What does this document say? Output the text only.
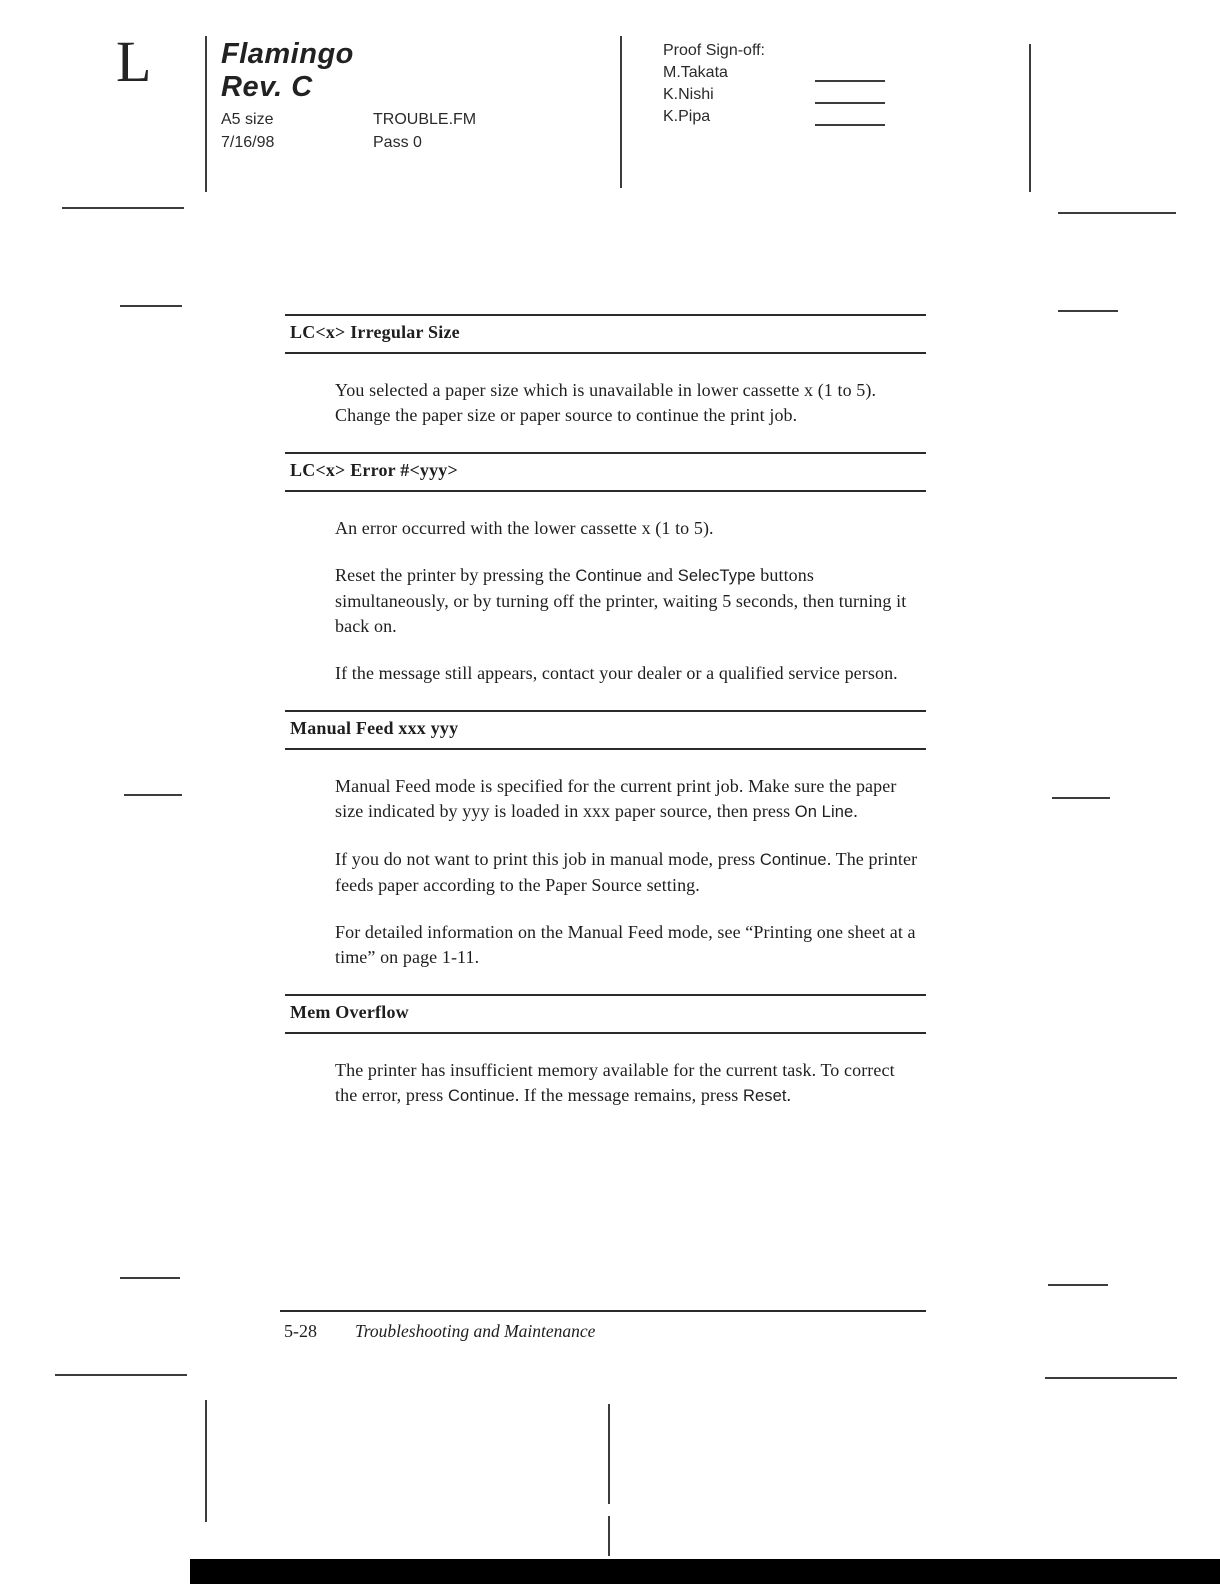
L Flamingo
Rev. C
A5 size
7/16/98
TROUBLE.FM
Pass 0
Proof Sign-off:
M.Takata
K.Nishi
K.Pipa
LC<x> Irregular Size

You selected a paper size which is unavailable in lower cassette x (1 to 5). Change the paper size or paper source to continue the print job.

LC<x> Error #<yyy>

An error occurred with the lower cassette x (1 to 5).

Reset the printer by pressing the Continue and SelecType buttons simultaneously, or by turning off the printer, waiting 5 seconds, then turning it back on.

If the message still appears, contact your dealer or a qualified service person.

Manual Feed xxx yyy

Manual Feed mode is specified for the current print job. Make sure the paper size indicated by yyy is loaded in xxx paper source, then press On Line.

If you do not want to print this job in manual mode, press Continue. The printer feeds paper according to the Paper Source setting.

For detailed information on the Manual Feed mode, see “Printing one sheet at a time” on page 1-11.

Mem Overflow

The printer has insufficient memory available for the current task. To correct the error, press Continue. If the message remains, press Reset.

5-28 Troubleshooting and Maintenance
